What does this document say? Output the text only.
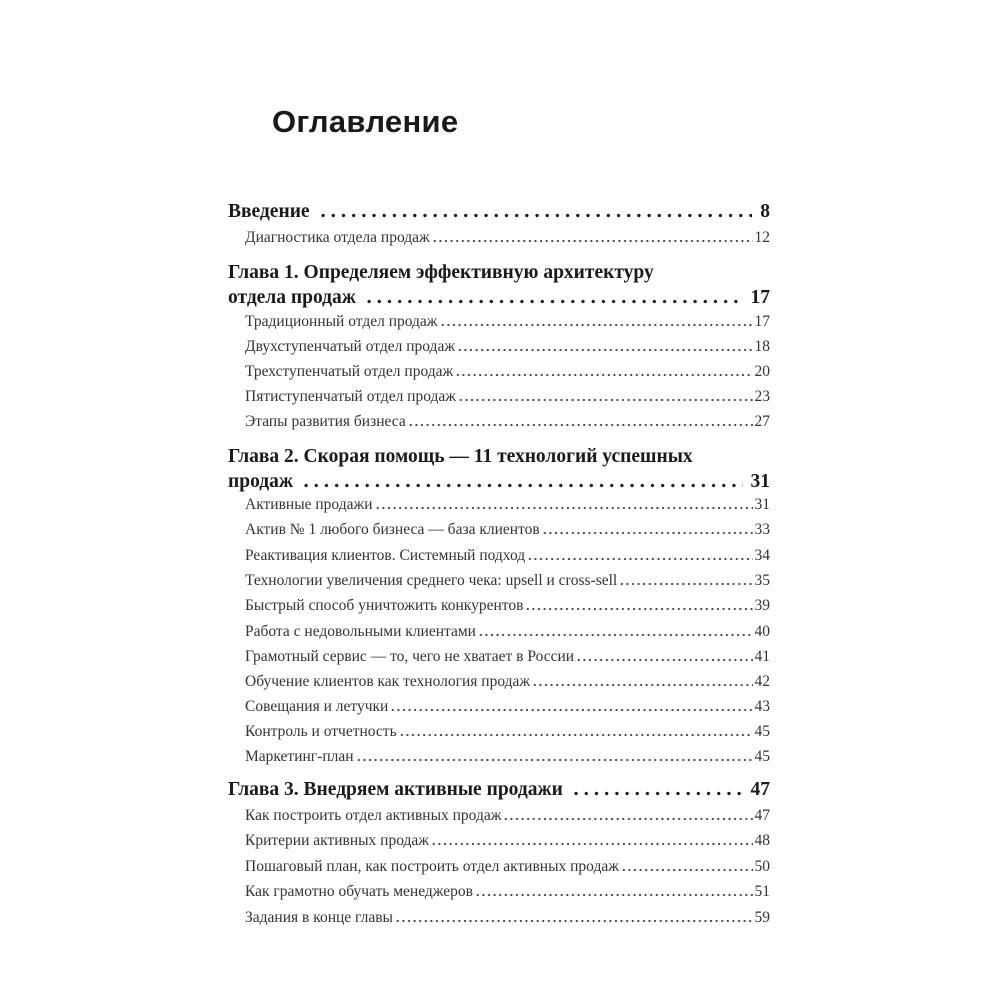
Оглавление
Введение	8
Диагностика отдела продаж	12
Глава 1. Определяем эффективную архитектуру
отдела продаж	17
Традиционный отдел продаж	17
Двухступенчатый отдел продаж	18
Трехступенчатый отдел продаж	20
Пятиступенчатый отдел продаж	23
Этапы развития бизнеса	27
Глава 2. Скорая помощь — 11 технологий успешных
продаж	31
Активные продажи	31
Актив № 1 любого бизнеса — база клиентов	33
Реактивация клиентов. Системный подход	34
Технологии увеличения среднего чека: upsell и cross-sell	35
Быстрый способ уничтожить конкурентов	39
Работа с недовольными клиентами	40
Грамотный сервис — то, чего не хватает в России	41
Обучение клиентов как технология продаж	42
Совещания и летучки	43
Контроль и отчетность	45
Маркетинг-план	45
Глава 3. Внедряем активные продажи	47
Как построить отдел активных продаж	47
Критерии активных продаж	48
Пошаговый план, как построить отдел активных продаж	50
Как грамотно обучать менеджеров	51
Задания в конце главы	59
